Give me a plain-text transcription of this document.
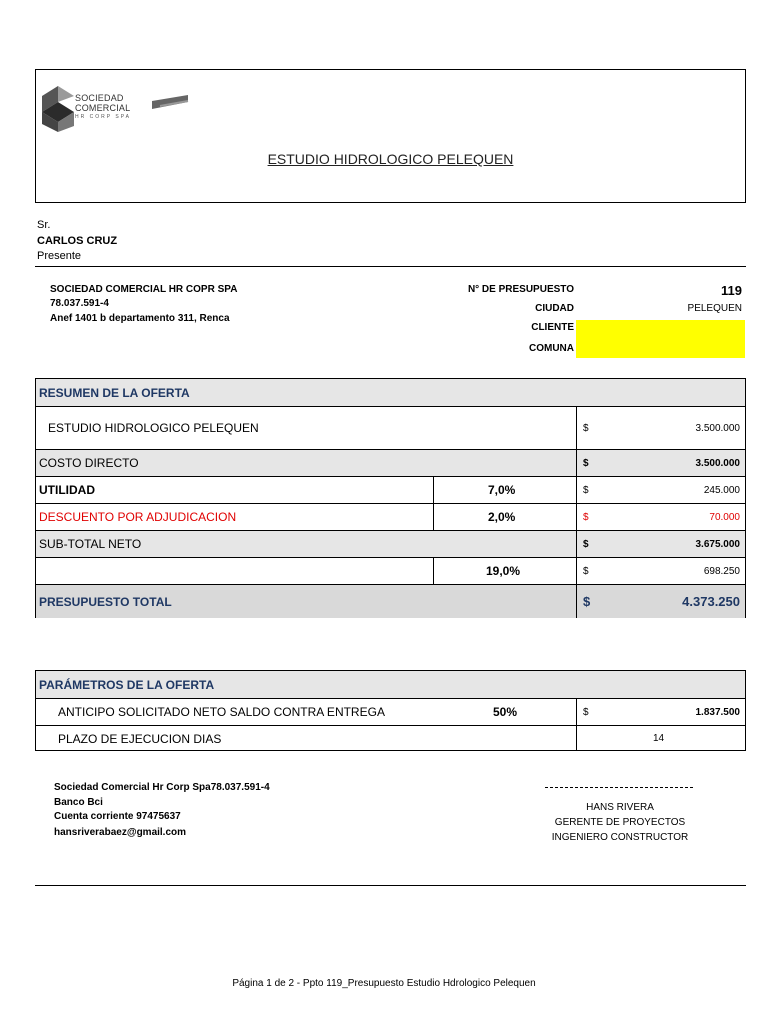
SOCIEDAD
COMERCIAL
HR CORP SPA
ESTUDIO HIDROLOGICO PELEQUEN
Sr.
CARLOS CRUZ
Presente
SOCIEDAD COMERCIAL HR COPR SPA
78.037.591-4
Anef 1401 b departamento 311, Renca
N° DE PRESUPUESTO	119
CIUDAD	PELEQUEN
CLIENTE
COMUNA
RESUMEN DE LA OFERTA
ESTUDIO HIDROLOGICO PELEQUEN	$	3.500.000
COSTO DIRECTO	$	3.500.000
UTILIDAD	7,0%	$	245.000
DESCUENTO POR ADJUDICACION	2,0%	$	70.000
SUB-TOTAL NETO	$	3.675.000
19,0%	$	698.250
PRESUPUESTO TOTAL	$	4.373.250
PARÁMETROS DE LA OFERTA
ANTICIPO SOLICITADO NETO SALDO CONTRA ENTREGA	50%	$	1.837.500
PLAZO DE EJECUCION DIAS	14
Sociedad Comercial Hr Corp Spa78.037.591-4
Banco Bci
Cuenta corriente 97475637
hansriverabaez@gmail.com
HANS RIVERA
GERENTE DE PROYECTOS
INGENIERO CONSTRUCTOR
Página 1 de 2 - Ppto 119_Presupuesto Estudio Hdrologico Pelequen
